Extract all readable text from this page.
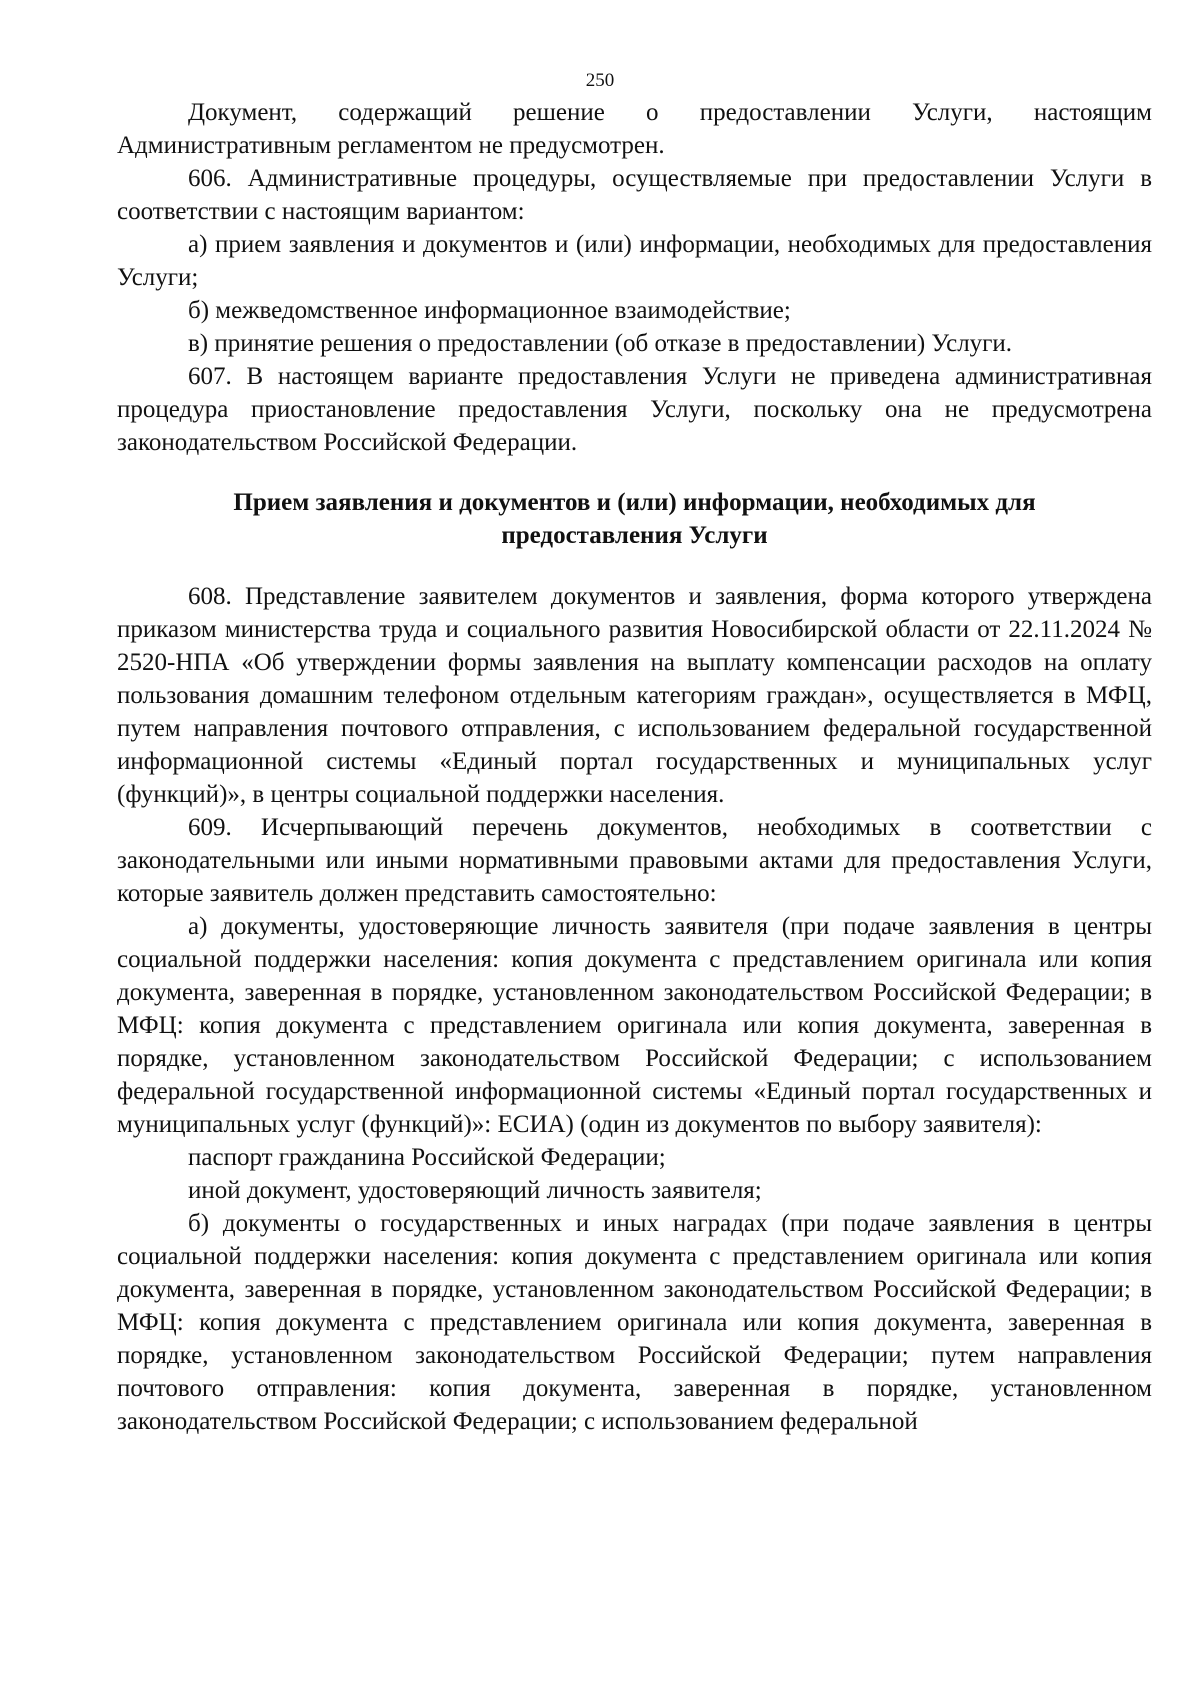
250

Документ, содержащий решение о предоставлении Услуги, настоящим Административным регламентом не предусмотрен.

606. Административные процедуры, осуществляемые при предоставлении Услуги в соответствии с настоящим вариантом:

а) прием заявления и документов и (или) информации, необходимых для предоставления Услуги;

б) межведомственное информационное взаимодействие;

в) принятие решения о предоставлении (об отказе в предоставлении) Услуги.

607. В настоящем варианте предоставления Услуги не приведена административная процедура приостановление предоставления Услуги, поскольку она не предусмотрена законодательством Российской Федерации.

Прием заявления и документов и (или) информации, необходимых для предоставления Услуги

608. Представление заявителем документов и заявления, форма которого утверждена приказом министерства труда и социального развития Новосибирской области от 22.11.2024 № 2520-НПА «Об утверждении формы заявления на выплату компенсации расходов на оплату пользования домашним телефоном отдельным категориям граждан», осуществляется в МФЦ, путем направления почтового отправления, с использованием федеральной государственной информационной системы «Единый портал государственных и муниципальных услуг (функций)», в центры социальной поддержки населения.

609. Исчерпывающий перечень документов, необходимых в соответствии с законодательными или иными нормативными правовыми актами для предоставления Услуги, которые заявитель должен представить самостоятельно:

а) документы, удостоверяющие личность заявителя (при подаче заявления в центры социальной поддержки населения: копия документа с представлением оригинала или копия документа, заверенная в порядке, установленном законодательством Российской Федерации; в МФЦ: копия документа с представлением оригинала или копия документа, заверенная в порядке, установленном законодательством Российской Федерации; с использованием федеральной государственной информационной системы «Единый портал государственных и муниципальных услуг (функций)»: ЕСИА) (один из документов по выбору заявителя):

паспорт гражданина Российской Федерации;

иной документ, удостоверяющий личность заявителя;

б) документы о государственных и иных наградах (при подаче заявления в центры социальной поддержки населения: копия документа с представлением оригинала или копия документа, заверенная в порядке, установленном законодательством Российской Федерации; в МФЦ: копия документа с представлением оригинала или копия документа, заверенная в порядке, установленном законодательством Российской Федерации; путем направления почтового отправления: копия документа, заверенная в порядке, установленном законодательством Российской Федерации; с использованием федеральной
